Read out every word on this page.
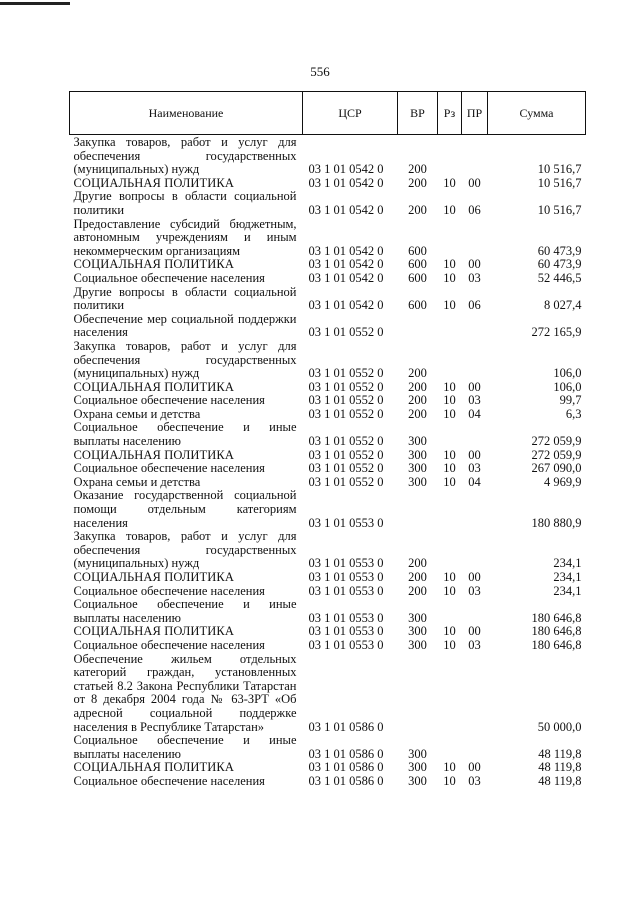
556
Наименование	ЦСР	ВР	Рз	ПР	Сумма
Закупка товаров, работ и услуг для обеспечения государственных (муниципальных) нужд	03 1 01 0542 0	200			10 516,7
СОЦИАЛЬНАЯ ПОЛИТИКА	03 1 01 0542 0	200	10	00	10 516,7
Другие вопросы в области социальной политики	03 1 01 0542 0	200	10	06	10 516,7
Предоставление субсидий бюджетным, автономным учреждениям и иным некоммерческим организациям	03 1 01 0542 0	600			60 473,9
СОЦИАЛЬНАЯ ПОЛИТИКА	03 1 01 0542 0	600	10	00	60 473,9
Социальное обеспечение населения	03 1 01 0542 0	600	10	03	52 446,5
Другие вопросы в области социальной политики	03 1 01 0542 0	600	10	06	8 027,4
Обеспечение мер социальной поддержки населения	03 1 01 0552 0				272 165,9
Закупка товаров, работ и услуг для обеспечения государственных (муниципальных) нужд	03 1 01 0552 0	200			106,0
СОЦИАЛЬНАЯ ПОЛИТИКА	03 1 01 0552 0	200	10	00	106,0
Социальное обеспечение населения	03 1 01 0552 0	200	10	03	99,7
Охрана семьи и детства	03 1 01 0552 0	200	10	04	6,3
Социальное обеспечение и иные выплаты населению	03 1 01 0552 0	300			272 059,9
СОЦИАЛЬНАЯ ПОЛИТИКА	03 1 01 0552 0	300	10	00	272 059,9
Социальное обеспечение населения	03 1 01 0552 0	300	10	03	267 090,0
Охрана семьи и детства	03 1 01 0552 0	300	10	04	4 969,9
Оказание государственной социальной помощи отдельным категориям населения	03 1 01 0553 0				180 880,9
Закупка товаров, работ и услуг для обеспечения государственных (муниципальных) нужд	03 1 01 0553 0	200			234,1
СОЦИАЛЬНАЯ ПОЛИТИКА	03 1 01 0553 0	200	10	00	234,1
Социальное обеспечение населения	03 1 01 0553 0	200	10	03	234,1
Социальное обеспечение и иные выплаты населению	03 1 01 0553 0	300			180 646,8
СОЦИАЛЬНАЯ ПОЛИТИКА	03 1 01 0553 0	300	10	00	180 646,8
Социальное обеспечение населения	03 1 01 0553 0	300	10	03	180 646,8
Обеспечение жильем отдельных категорий граждан, установленных статьей 8.2 Закона Республики Татарстан от 8 декабря 2004 года № 63-ЗРТ «Об адресной социальной поддержке населения в Республике Татарстан»	03 1 01 0586 0				50 000,0
Социальное обеспечение и иные выплаты населению	03 1 01 0586 0	300			48 119,8
СОЦИАЛЬНАЯ ПОЛИТИКА	03 1 01 0586 0	300	10	00	48 119,8
Социальное обеспечение населения	03 1 01 0586 0	300	10	03	48 119,8
